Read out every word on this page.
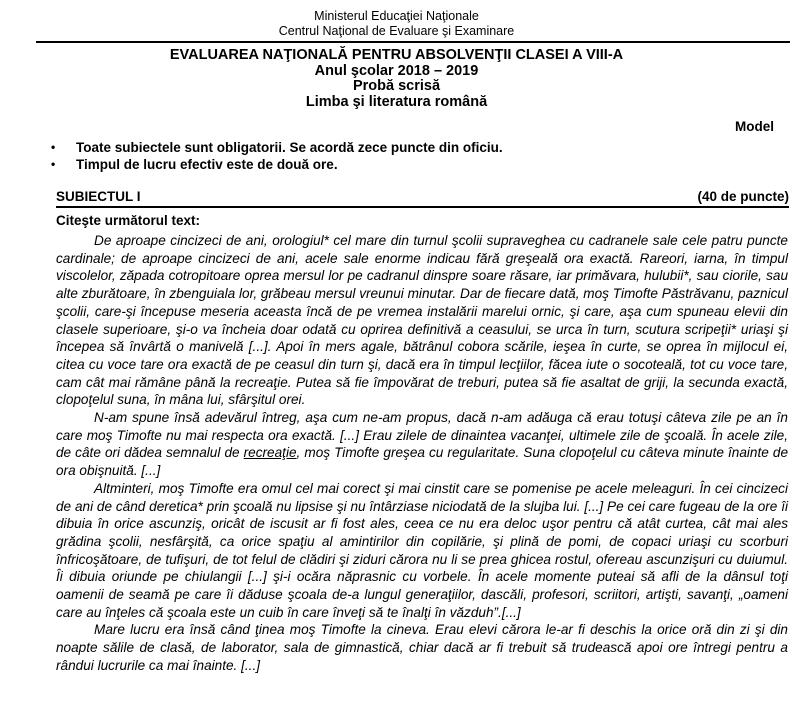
Ministerul Educaţiei Naţionale
Centrul Naţional de Evaluare şi Examinare
EVALUAREA NAŢIONALĂ PENTRU ABSOLVENŢII CLASEI A VIII-A
Anul şcolar 2018 – 2019
Probă scrisă
Limba şi literatura română
Model
•	Toate subiectele sunt obligatorii. Se acordă zece puncte din oficiu.
•	Timpul de lucru efectiv este de două ore.
SUBIECTUL I	(40 de puncte)
Citeşte următorul text:

De aproape cincizeci de ani, orologiul* cel mare din turnul şcolii supraveghea cu cadranele sale cele patru puncte cardinale; de aproape cincizeci de ani, acele sale enorme indicau fără greşeală ora exactă. Rareori, iarna, în timpul viscolelor, zăpada cotropitoare oprea mersul lor pe cadranul dinspre soare răsare, iar primăvara, hulubii*, sau ciorile, sau alte zburătoare, în zbenguiala lor, grăbeau mersul vreunui minutar. Dar de fiecare dată, moş Timofte Păstrăvanu, paznicul şcolii, care-şi începuse meseria aceasta încă de pe vremea instalării marelui ornic, şi care, aşa cum spuneau elevii din clasele superioare, şi-o va încheia doar odată cu oprirea definitivă a ceasului, se urca în turn, scutura scripeţii* uriaşi şi începea să învârtă o manivelă [...]. Apoi în mers agale, bătrânul cobora scările, ieşea în curte, se oprea în mijlocul ei, citea cu voce tare ora exactă de pe ceasul din turn şi, dacă era în timpul lecţiilor, făcea iute o socoteală, tot cu voce tare, cam cât mai rămâne până la recreaţie. Putea să fie împovărat de treburi, putea să fie asaltat de griji, la secunda exactă, clopoţelul suna, în mâna lui, sfârşitul orei.

N-am spune însă adevărul întreg, aşa cum ne-am propus, dacă n-am adăuga că erau totuşi câteva zile pe an în care moş Timofte nu mai respecta ora exactă. [...] Erau zilele de dinaintea vacanţei, ultimele zile de şcoală. În acele zile, de câte ori dădea semnalul de recreaţie, moş Timofte greşea cu regularitate. Suna clopoţelul cu câteva minute înainte de ora obişnuită. [...]

Altminteri, moş Timofte era omul cel mai corect şi mai cinstit care se pomenise pe acele meleaguri. În cei cincizeci de ani de când deretica* prin şcoală nu lipsise şi nu întârziase niciodată de la slujba lui. [...] Pe cei care fugeau de la ore îi dibuia în orice ascunziş, oricât de iscusit ar fi fost ales, ceea ce nu era deloc uşor pentru că atât curtea, cât mai ales grădina şcolii, nesfârşită, ca orice spaţiu al amintirilor din copilărie, şi plină de pomi, de copaci uriaşi cu scorburi înfricoşătoare, de tufişuri, de tot felul de clădiri şi ziduri cărora nu li se prea ghicea rostul, ofereau ascunzişuri cu duiumul. Îi dibuia oriunde pe chiulangii [...] şi-i ocăra năprasnic cu vorbele. În acele momente puteai să afli de la dânsul toţi oamenii de seamă pe care îi dăduse şcoala de-a lungul generaţiilor, dascăli, profesori, scriitori, artişti, savanţi, „oameni care au înţeles că şcoala este un cuib în care înveţi să te înalţi în văzduh”.[...]

Mare lucru era însă când ţinea moş Timofte la cineva. Erau elevi cărora le-ar fi deschis la orice oră din zi şi din noapte sălile de clasă, de laborator, sala de gimnastică, chiar dacă ar fi trebuit să trudească apoi ore întregi pentru a rândui lucrurile ca mai înainte. [...]
